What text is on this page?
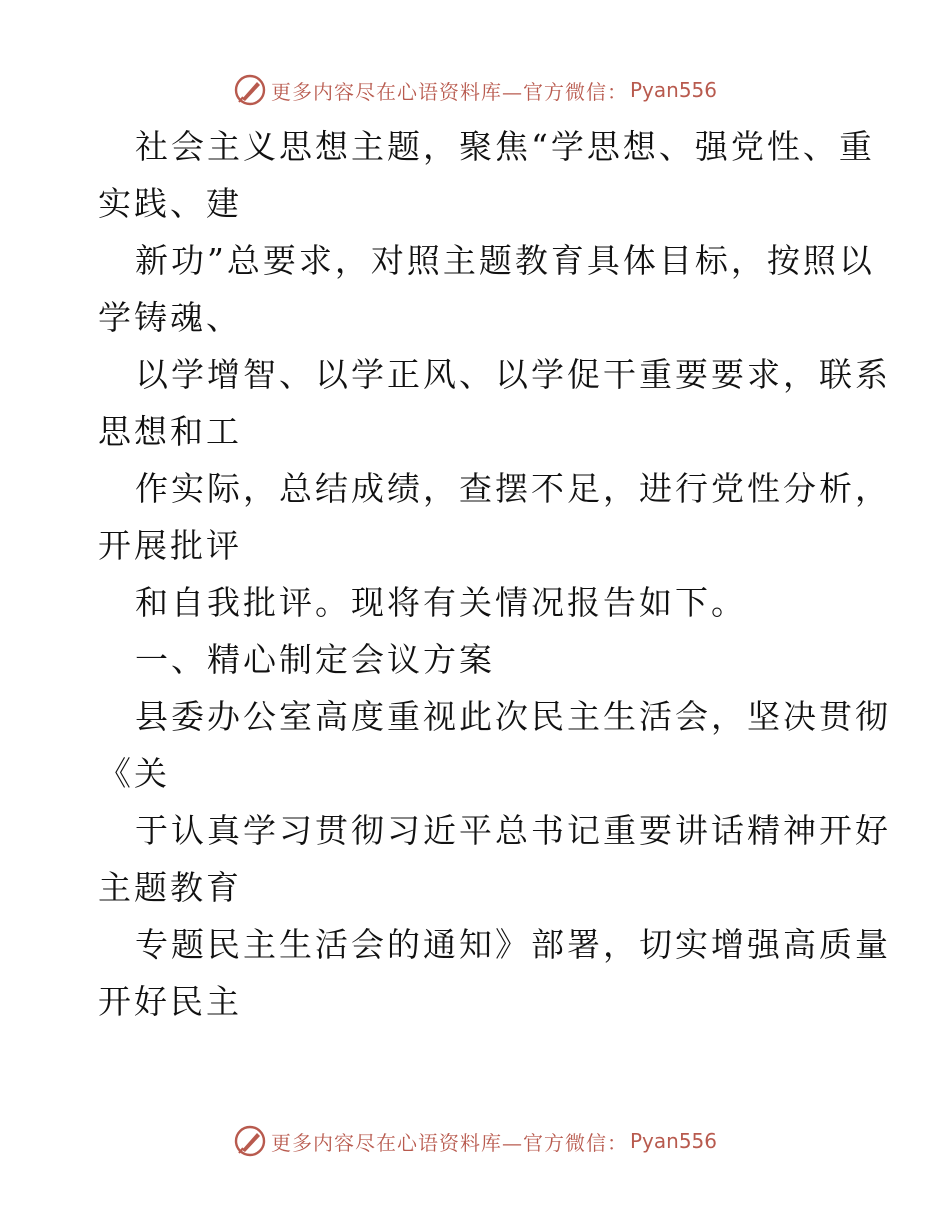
更多内容尽在心语资料库—官方微信： Pyan556
社会主义思想主题，聚焦“学思想、强党性、重
实践、建
新功”总要求，对照主题教育具体目标，按照以
学铸魂、
以学增智、以学正风、以学促干重要要求，联系
思想和工
作实际，总结成绩，查摆不足，进行党性分析，
开展批评
和自我批评。现将有关情况报告如下。
一、精心制定会议方案
县委办公室高度重视此次民主生活会，坚决贯彻
《关
于认真学习贯彻习近平总书记重要讲话精神开好
主题教育
专题民主生活会的通知》部署，切实增强高质量
开好民主
更多内容尽在心语资料库—官方微信： Pyan556
